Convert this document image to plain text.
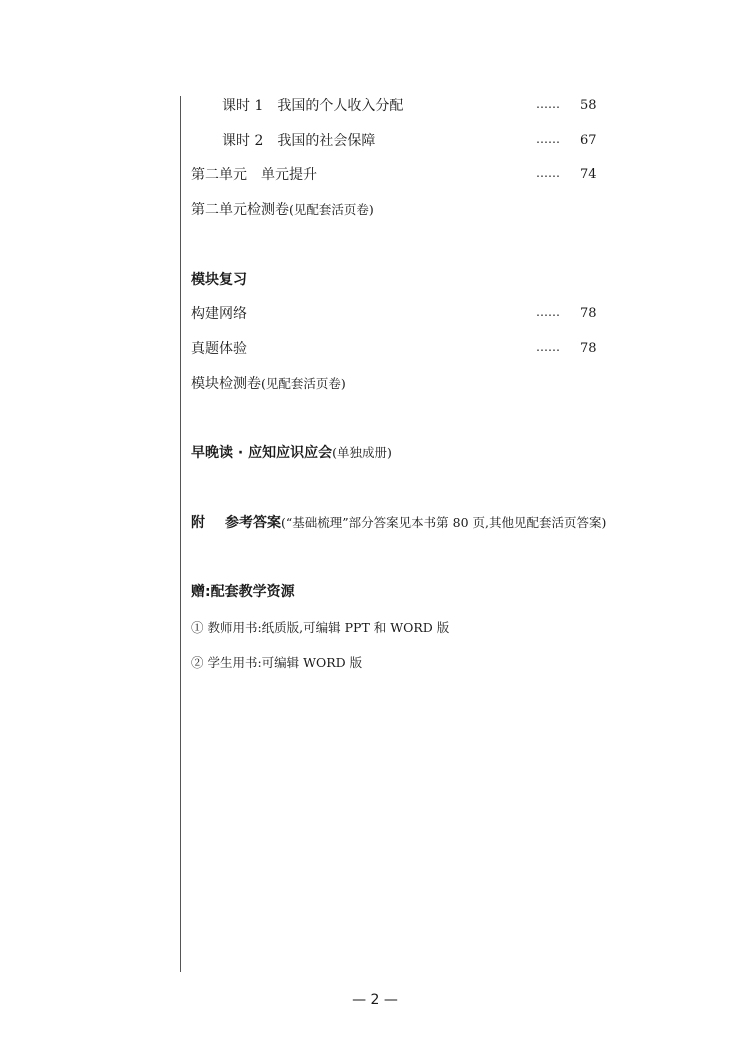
课时 1　我国的个人收入分配	…… 58
课时 2　我国的社会保障	…… 67
第二单元　单元提升	…… 74
第二单元检测卷(见配套活页卷)
模块复习
构建网络	…… 78
真题体验	…… 78
模块检测卷(见配套活页卷)
早晚读 · 应知应识应会(单独成册)
附 参考答案(“基础梳理”部分答案见本书第 80 页,其他见配套活页答案)
赠:配套教学资源
① 教师用书:纸质版,可编辑 PPT 和 WORD 版
② 学生用书:可编辑 WORD 版
— 2 —
